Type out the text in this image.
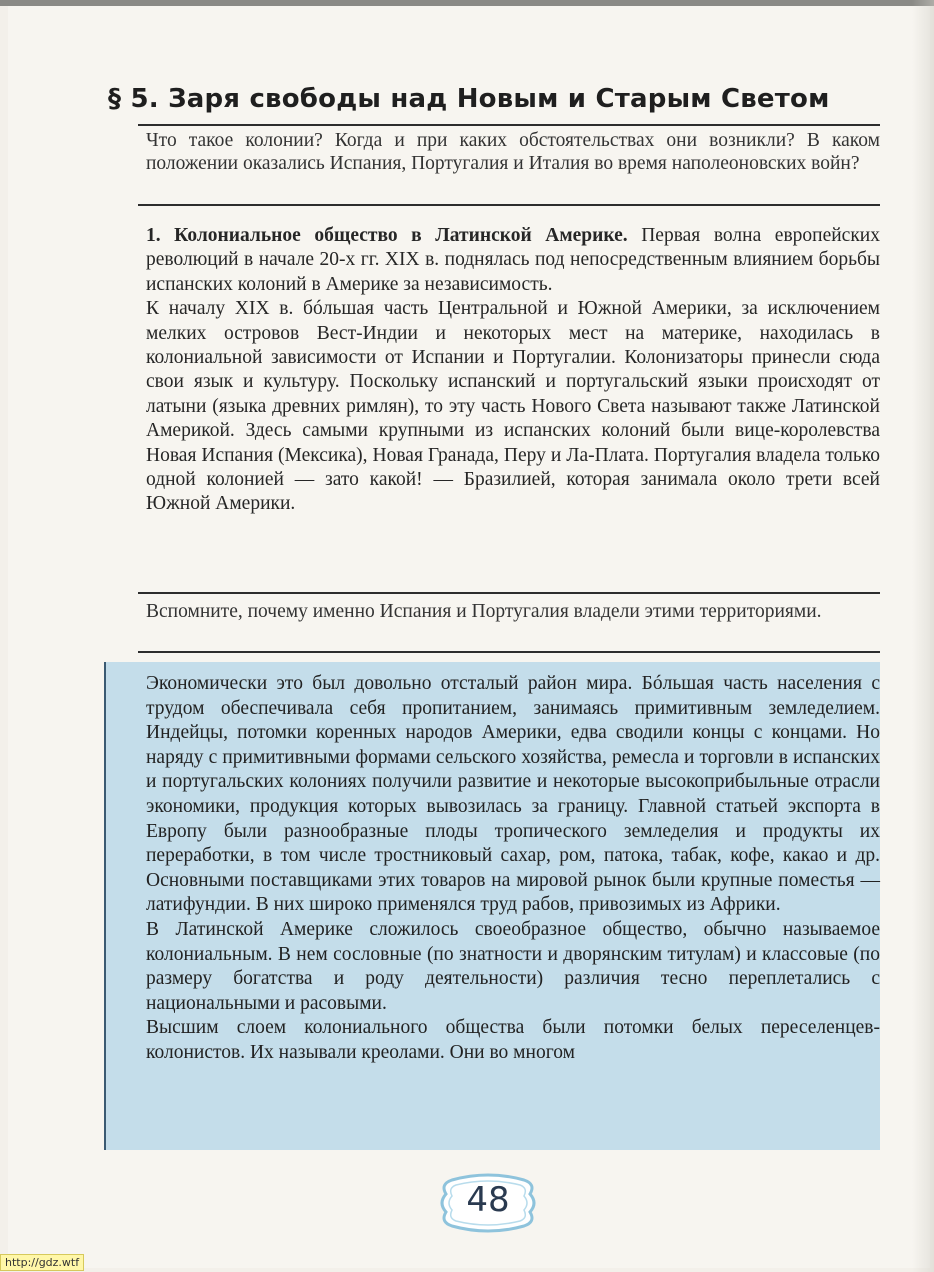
§ 5. Заря свободы над Новым и Старым Светом
Что такое колонии? Когда и при каких обстоятельствах они возникли? В каком положении оказались Испания, Португалия и Италия во время наполеоновских войн?

1. Колониальное общество в Латинской Америке. Первая волна европейских революций в начале 20-х гг. XIX в. поднялась под непосредственным влиянием борьбы испанских колоний в Америке за независимость.

К началу XIX в. бóльшая часть Центральной и Южной Америки, за исключением мелких островов Вест-Индии и некоторых мест на материке, находилась в колониальной зависимости от Испании и Португалии. Колонизаторы принесли сюда свои язык и культуру. Поскольку испанский и португальский языки происходят от латыни (языка древних римлян), то эту часть Нового Света называют также Латинской Америкой. Здесь самыми крупными из испанских колоний были вице-королевства Новая Испания (Мексика), Новая Гранада, Перу и Ла-Плата. Португалия владела только одной колонией — зато какой! — Бразилией, которая занимала около трети всей Южной Америки.

Вспомните, почему именно Испания и Португалия владели этими территориями.

Экономически это был довольно отсталый район мира. Бóльшая часть населения с трудом обеспечивала себя пропитанием, занимаясь примитивным земледелием. Индейцы, потомки коренных народов Америки, едва сводили концы с концами. Но наряду с примитивными формами сельского хозяйства, ремесла и торговли в испанских и португальских колониях получили развитие и некоторые высокоприбыльные отрасли экономики, продукция которых вывозилась за границу. Главной статьей экспорта в Европу были разнообразные плоды тропического земледелия и продукты их переработки, в том числе тростниковый сахар, ром, патока, табак, кофе, какао и др. Основными поставщиками этих товаров на мировой рынок были крупные поместья — латифундии. В них широко применялся труд рабов, привозимых из Африки.

В Латинской Америке сложилось своеобразное общество, обычно называемое колониальным. В нем сословные (по знатности и дворянским титулам) и классовые (по размеру богатства и роду деятельности) различия тесно переплетались с национальными и расовыми.

Высшим слоем колониального общества были потомки белых переселенцев-колонистов. Их называли креолами. Они во многом

48
http://gdz.wtf
